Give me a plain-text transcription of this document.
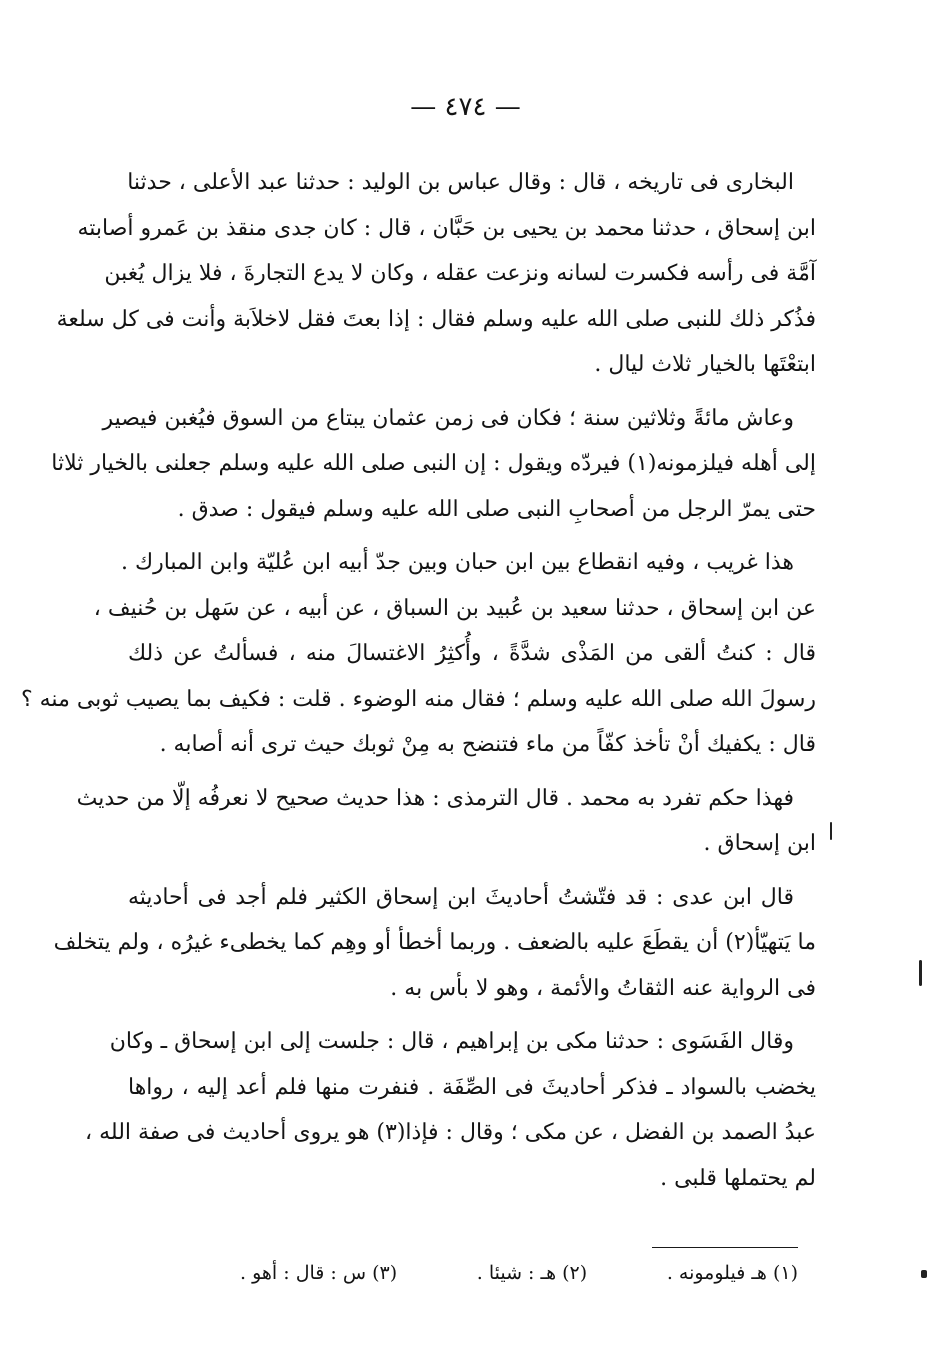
— ٤٧٤ —

البخارى فى تاريخه ، قال : وقال عباس بن الوليد : حدثنا عبد الأعلى ، حدثنا
ابن إسحاق ، حدثنا محمد بن يحيى بن حَبَّان ، قال : كان جدى منقذ بن عَمرو أصابته
آمَّة فى رأسه فكسرت لسانه ونزعت عقله ، وكان لا يدع التجارةَ ، فلا يزال يُغبن
فذُكر ذلك للنبى صلى الله عليه وسلم فقال : إذا بعتَ فقل لاخلاَبة وأنت فى كل سلعة
ابتعْتَها بالخيار ثلاث ليال .

وعاش مائةً وثلاثين سنة ؛ فكان فى زمن عثمان يبتاع من السوق فيُغبن فيصير
إلى أهله فيلزمونه(١) فيردّه ويقول : إن النبى صلى الله عليه وسلم جعلنى بالخيار ثلاثا
حتى يمرّ الرجل من أصحابِ النبى صلى الله عليه وسلم فيقول : صدق .

هذا غريب ، وفيه انقطاع بين ابن حبان وبين جدّ أبيه ابن عُليّة وابن المبارك .
عن ابن إسحاق ، حدثنا سعيد بن عُبيد بن السباق ، عن أبيه ، عن سَهل بن حُنيف ،
قال : كنتُ ألقى من المَذْى شدَّةً ، وأُكثِرُ الاغتسالَ منه ، فسألتُ عن ذلك
رسولَ الله صلى الله عليه وسلم ؛ فقال منه الوضوء . قلت : فكيف بما يصيب ثوبى منه ؟
قال : يكفيك أنْ تأخذ كفّاً من ماء فتنضح به مِنْ ثوبك حيث ترى أنه أصابه .

فهذا حكم تفرد به محمد . قال الترمذى : هذا حديث صحيح لا نعرفُه إلّا من حديث
ابن إسحاق .

قال ابن عدى : قد فتّشتُ أحاديثَ ابن إسحاق الكثير فلم أجد فى أحاديثه
ما يَتهيّأ(٢) أن يقطَعَ عليه بالضعف . وربما أخطأ أو وهِم كما يخطىء غيرُه ، ولم يتخلف
فى الرواية عنه الثقاتُ والأئمة ، وهو لا بأس به .

وقال الفَسَوى : حدثنا مكى بن إبراهيم ، قال : جلست إلى ابن إسحاق ـ وكان
يخضب بالسواد ـ فذكر أحاديثَ فى الصِّفَة . فنفرت منها فلم أعد إليه ، رواها
عبدُ الصمد بن الفضل ، عن مكى ؛ وقال : فإذا(٣) هو يروى أحاديث فى صفة الله ،
لم يحتملها قلبى .

(١) هـ فيلومونه .
(٢) هـ : شيئا .
(٣) س : قال : أهو .
